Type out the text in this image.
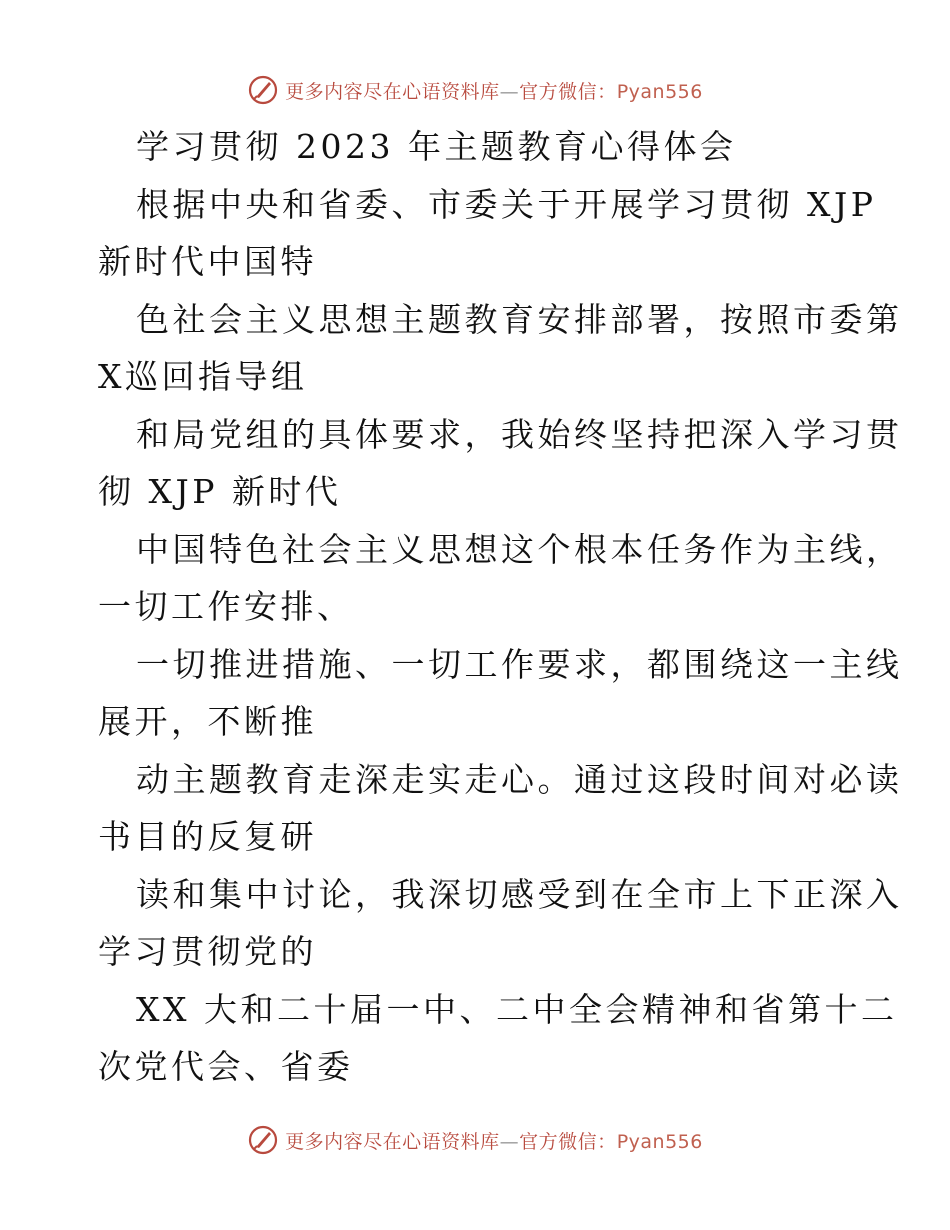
更多内容尽在心语资料库—官方微信：Pyan556
学习贯彻 2023 年主题教育心得体会
根据中央和省委、市委关于开展学习贯彻 XJP
新时代中国特
色社会主义思想主题教育安排部署，按照市委第
X巡回指导组
和局党组的具体要求，我始终坚持把深入学习贯
彻 XJP 新时代
中国特色社会主义思想这个根本任务作为主线，
一切工作安排、
一切推进措施、一切工作要求，都围绕这一主线
展开，不断推
动主题教育走深走实走心。通过这段时间对必读
书目的反复研
读和集中讨论，我深切感受到在全市上下正深入
学习贯彻党的
XX 大和二十届一中、二中全会精神和省第十二
次党代会、省委
更多内容尽在心语资料库—官方微信：Pyan556
